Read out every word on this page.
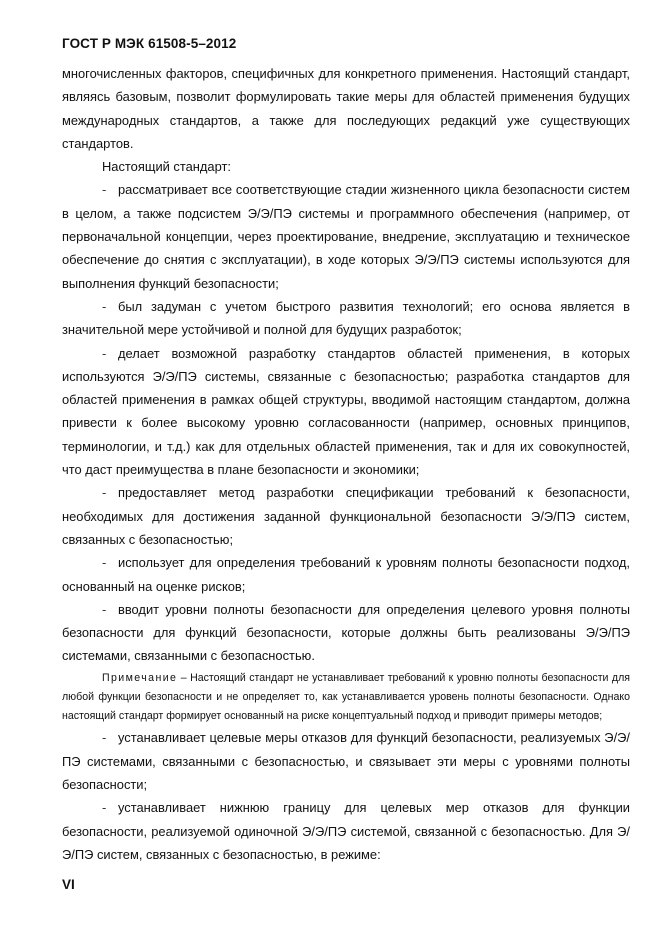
ГОСТ Р МЭК 61508-5–2012

многочисленных факторов, специфичных для конкретного применения. Настоящий стандарт, являясь базовым, позволит формулировать такие меры для областей применения будущих международных стандартов, а также для последующих редакций уже существующих стандартов.

Настоящий стандарт:

- рассматривает все соответствующие стадии жизненного цикла безопасности систем в целом, а также подсистем Э/Э/ПЭ системы и программного обеспечения (например, от первоначальной концепции, через проектирование, внедрение, эксплуатацию и техническое обеспечение до снятия с эксплуатации), в ходе которых Э/Э/ПЭ системы используются для выполнения функций безопасности;

- был задуман с учетом быстрого развития технологий; его основа является в значительной мере устойчивой и полной для будущих разработок;

- делает возможной разработку стандартов областей применения, в которых используются Э/Э/ПЭ системы, связанные с безопасностью; разработка стандартов для областей применения в рамках общей структуры, вводимой настоящим стандартом, должна привести к более высокому уровню согласованности (например, основных принципов, терминологии, и т.д.) как для отдельных областей применения, так и для их совокупностей, что даст преимущества в плане безопасности и экономики;

- предоставляет метод разработки спецификации требований к безопасности, необходимых для достижения заданной функциональной безопасности Э/Э/ПЭ систем, связанных с безопасностью;

- использует для определения требований к уровням полноты безопасности подход, основанный на оценке рисков;

- вводит уровни полноты безопасности для определения целевого уровня полноты безопасности для функций безопасности, которые должны быть реализованы Э/Э/ПЭ системами, связанными с безопасностью.

Примечание – Настоящий стандарт не устанавливает требований к уровню полноты безопасности для любой функции безопасности и не определяет то, как устанавливается уровень полноты безопасности. Однако настоящий стандарт формирует основанный на риске концептуальный подход и приводит примеры методов;

- устанавливает целевые меры отказов для функций безопасности, реализуемых Э/Э/ПЭ системами, связанными с безопасностью, и связывает эти меры с уровнями полноты безопасности;

- устанавливает нижнюю границу для целевых мер отказов для функции безопасности, реализуемой одиночной Э/Э/ПЭ системой, связанной с безопасностью. Для Э/Э/ПЭ систем, связанных с безопасностью, в режиме:

VI
